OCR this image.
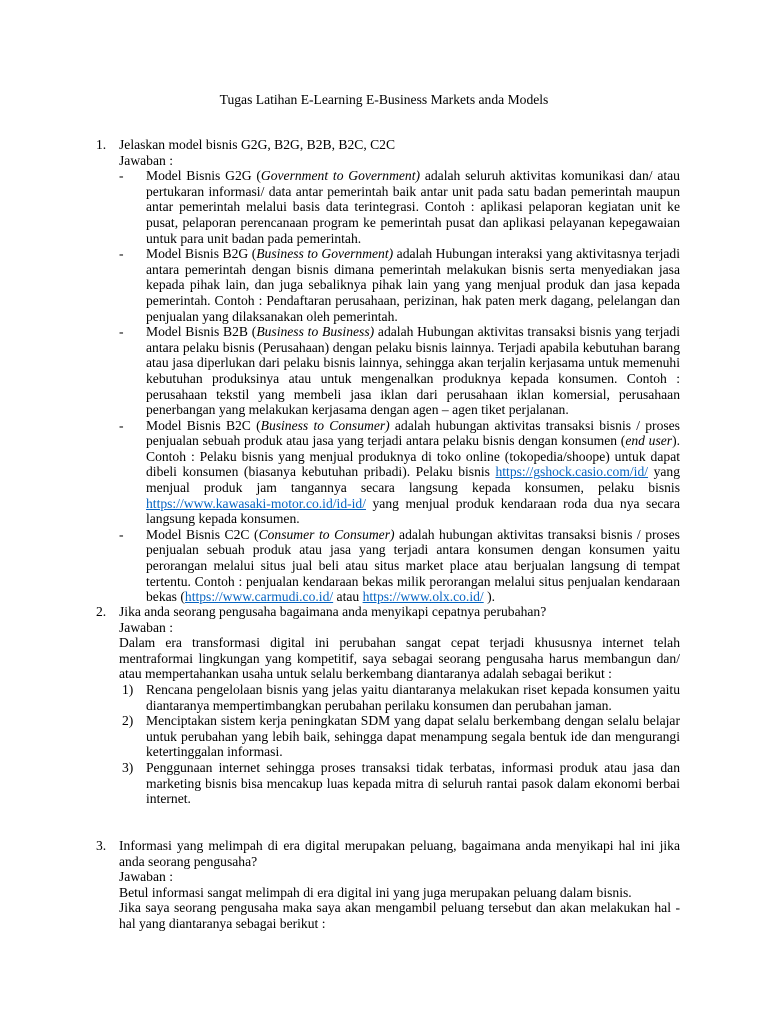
Tugas Latihan E-Learning E-Business Markets anda Models
1. Jelaskan model bisnis G2G, B2G, B2B, B2C, C2C
Jawaban :
- Model Bisnis G2G (Government to Government) adalah seluruh aktivitas komunikasi dan/ atau pertukaran informasi/ data antar pemerintah baik antar unit pada satu badan pemerintah maupun antar pemerintah melalui basis data terintegrasi. Contoh : aplikasi pelaporan kegiatan unit ke pusat, pelaporan perencanaan program ke pemerintah pusat dan aplikasi pelayanan kepegawaian untuk para unit badan pada pemerintah.
- Model Bisnis B2G (Business to Government) adalah Hubungan interaksi yang aktivitasnya terjadi antara pemerintah dengan bisnis dimana pemerintah melakukan bisnis serta menyediakan jasa kepada pihak lain, dan juga sebaliknya pihak lain yang yang menjual produk dan jasa kepada pemerintah. Contoh : Pendaftaran perusahaan, perizinan, hak paten merk dagang, pelelangan dan penjualan yang dilaksanakan oleh pemerintah.
- Model Bisnis B2B (Business to Business) adalah Hubungan aktivitas transaksi bisnis yang terjadi antara pelaku bisnis (Perusahaan) dengan pelaku bisnis lainnya. Terjadi apabila kebutuhan barang atau jasa diperlukan dari pelaku bisnis lainnya, sehingga akan terjalin kerjasama untuk memenuhi kebutuhan produksinya atau untuk mengenalkan produknya kepada konsumen. Contoh : perusahaan tekstil yang membeli jasa iklan dari perusahaan iklan komersial, perusahaan penerbangan yang melakukan kerjasama dengan agen – agen tiket perjalanan.
- Model Bisnis B2C (Business to Consumer) adalah hubungan aktivitas transaksi bisnis / proses penjualan sebuah produk atau jasa yang terjadi antara pelaku bisnis dengan konsumen (end user). Contoh : Pelaku bisnis yang menjual produknya di toko online (tokopedia/shoope) untuk dapat dibeli konsumen (biasanya kebutuhan pribadi). Pelaku bisnis https://gshock.casio.com/id/ yang menjual produk jam tangannya secara langsung kepada konsumen, pelaku bisnis https://www.kawasaki-motor.co.id/id-id/ yang menjual produk kendaraan roda dua nya secara langsung kepada konsumen.
- Model Bisnis C2C (Consumer to Consumer) adalah hubungan aktivitas transaksi bisnis / proses penjualan sebuah produk atau jasa yang terjadi antara konsumen dengan konsumen yaitu perorangan melalui situs jual beli atau situs market place atau berjualan langsung di tempat tertentu. Contoh : penjualan kendaraan bekas milik perorangan melalui situs penjualan kendaraan bekas (https://www.carmudi.co.id/ atau https://www.olx.co.id/ ).
2. Jika anda seorang pengusaha bagaimana anda menyikapi cepatnya perubahan?
Jawaban :
Dalam era transformasi digital ini perubahan sangat cepat terjadi khususnya internet telah mentraformai lingkungan yang kompetitif, saya sebagai seorang pengusaha harus membangun dan/ atau mempertahankan usaha untuk selalu berkembang diantaranya adalah sebagai berikut :
1) Rencana pengelolaan bisnis yang jelas yaitu diantaranya melakukan riset kepada konsumen yaitu diantaranya mempertimbangkan perubahan perilaku konsumen dan perubahan jaman.
2) Menciptakan sistem kerja peningkatan SDM yang dapat selalu berkembang dengan selalu belajar untuk perubahan yang lebih baik, sehingga dapat menampung segala bentuk ide dan mengurangi ketertinggalan informasi.
3) Penggunaan internet sehingga proses transaksi tidak terbatas, informasi produk atau jasa dan marketing bisnis bisa mencakup luas kepada mitra di seluruh rantai pasok dalam ekonomi berbai internet.
3. Informasi yang melimpah di era digital merupakan peluang, bagaimana anda menyikapi hal ini jika anda seorang pengusaha?
Jawaban :
Betul informasi sangat melimpah di era digital ini yang juga merupakan peluang dalam bisnis.
Jika saya seorang pengusaha maka saya akan mengambil peluang tersebut dan akan melakukan hal - hal yang diantaranya sebagai berikut :
